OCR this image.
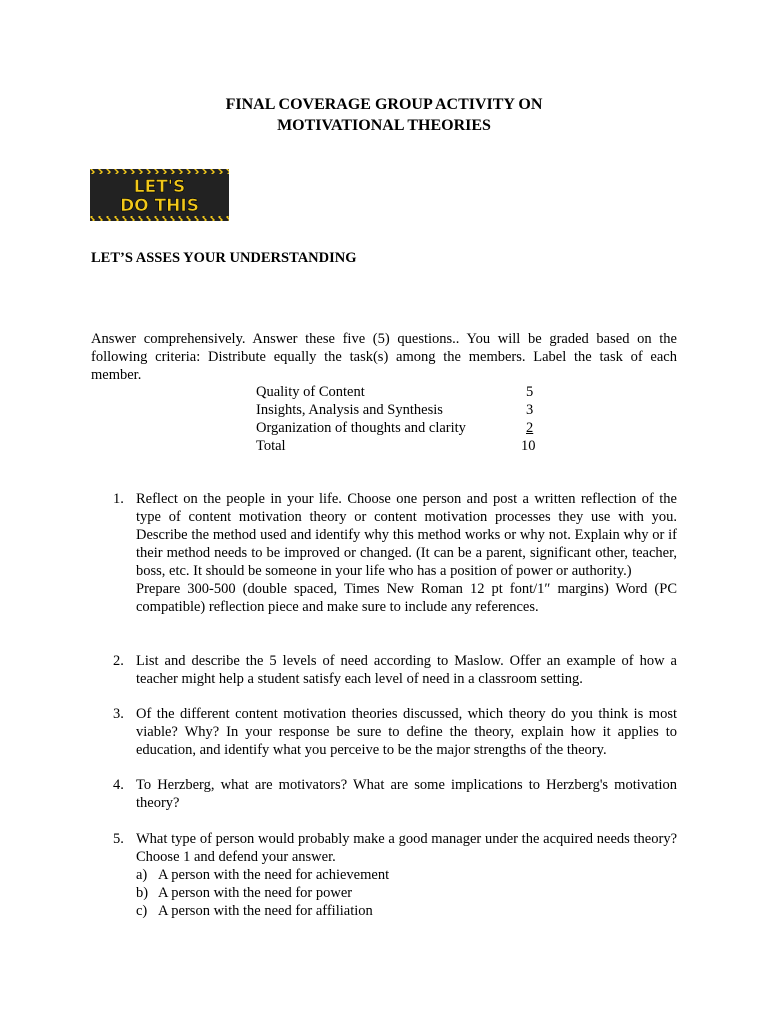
FINAL COVERAGE GROUP ACTIVITY ON
MOTIVATIONAL THEORIES
LET'S
DO THIS
LET’S ASSES YOUR UNDERSTANDING
Answer comprehensively. Answer these five (5) questions.. You will be graded based on the following criteria: Distribute equally the task(s) among the members. Label the task of each member.
Quality of Content	5
Insights, Analysis and Synthesis	3
Organization of thoughts and clarity	2
Total	10
1. Reflect on the people in your life. Choose one person and post a written reflection of the type of content motivation theory or content motivation processes they use with you. Describe the method used and identify why this method works or why not. Explain why or if their method needs to be improved or changed. (It can be a parent, significant other, teacher, boss, etc. It should be someone in your life who has a position of power or authority.)

Prepare 300-500 (double spaced, Times New Roman 12 pt font/1″ margins) Word (PC compatible) reflection piece and make sure to include any references.

2. List and describe the 5 levels of need according to Maslow. Offer an example of how a teacher might help a student satisfy each level of need in a classroom setting.

3. Of the different content motivation theories discussed, which theory do you think is most viable? Why? In your response be sure to define the theory, explain how it applies to education, and identify what you perceive to be the major strengths of the theory.

4. To Herzberg, what are motivators? What are some implications to Herzberg's motivation theory?

5. What type of person would probably make a good manager under the acquired needs theory? Choose 1 and defend your answer.

a) A person with the need for achievement
b) A person with the need for power
c) A person with the need for affiliation
